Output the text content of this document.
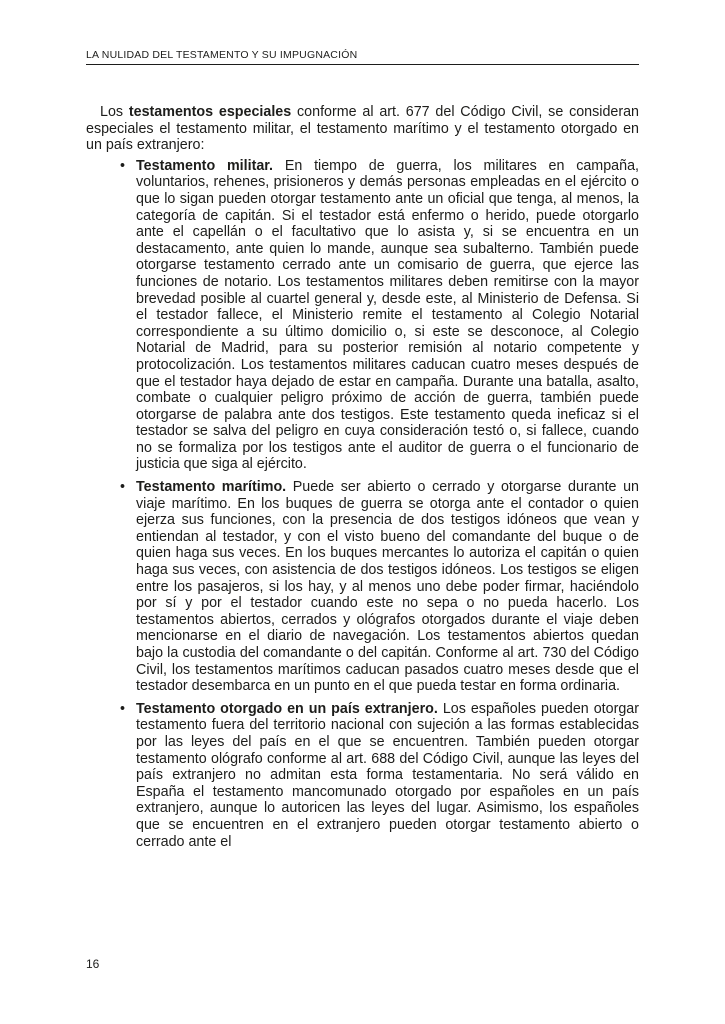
LA NULIDAD DEL TESTAMENTO Y SU IMPUGNACIÓN

Los testamentos especiales conforme al art. 677 del Código Civil, se consideran especiales el testamento militar, el testamento marítimo y el testamento otorgado en un país extranjero:

• Testamento militar. En tiempo de guerra, los militares en campaña, voluntarios, rehenes, prisioneros y demás personas empleadas en el ejército o que lo sigan pueden otorgar testamento ante un oficial que tenga, al menos, la categoría de capitán. Si el testador está enfermo o herido, puede otorgarlo ante el capellán o el facultativo que lo asista y, si se encuentra en un destacamento, ante quien lo mande, aunque sea subalterno. También puede otorgarse testamento cerrado ante un comisario de guerra, que ejerce las funciones de notario. Los testamentos militares deben remitirse con la mayor brevedad posible al cuartel general y, desde este, al Ministerio de Defensa. Si el testador fallece, el Ministerio remite el testamento al Colegio Notarial correspondiente a su último domicilio o, si este se desconoce, al Colegio Notarial de Madrid, para su posterior remisión al notario competente y protocolización. Los testamentos militares caducan cuatro meses después de que el testador haya dejado de estar en campaña. Durante una batalla, asalto, combate o cualquier peligro próximo de acción de guerra, también puede otorgarse de palabra ante dos testigos. Este testamento queda ineficaz si el testador se salva del peligro en cuya consideración testó o, si fallece, cuando no se formaliza por los testigos ante el auditor de guerra o el funcionario de justicia que siga al ejército.
• Testamento marítimo. Puede ser abierto o cerrado y otorgarse durante un viaje marítimo. En los buques de guerra se otorga ante el contador o quien ejerza sus funciones, con la presencia de dos testigos idóneos que vean y entiendan al testador, y con el visto bueno del comandante del buque o de quien haga sus veces. En los buques mercantes lo autoriza el capitán o quien haga sus veces, con asistencia de dos testigos idóneos. Los testigos se eligen entre los pasajeros, si los hay, y al menos uno debe poder firmar, haciéndolo por sí y por el testador cuando este no sepa o no pueda hacerlo. Los testamentos abiertos, cerrados y ológrafos otorgados durante el viaje deben mencionarse en el diario de navegación. Los testamentos abiertos quedan bajo la custodia del comandante o del capitán. Conforme al art. 730 del Código Civil, los testamentos marítimos caducan pasados cuatro meses desde que el testador desembarca en un punto en el que pueda testar en forma ordinaria.
• Testamento otorgado en un país extranjero. Los españoles pueden otorgar testamento fuera del territorio nacional con sujeción a las formas establecidas por las leyes del país en el que se encuentren. También pueden otorgar testamento ológrafo conforme al art. 688 del Código Civil, aunque las leyes del país extranjero no admitan esta forma testamentaria. No será válido en España el testamento mancomunado otorgado por españoles en un país extranjero, aunque lo autoricen las leyes del lugar. Asimismo, los españoles que se encuentren en el extranjero pueden otorgar testamento abierto o cerrado ante el
16
